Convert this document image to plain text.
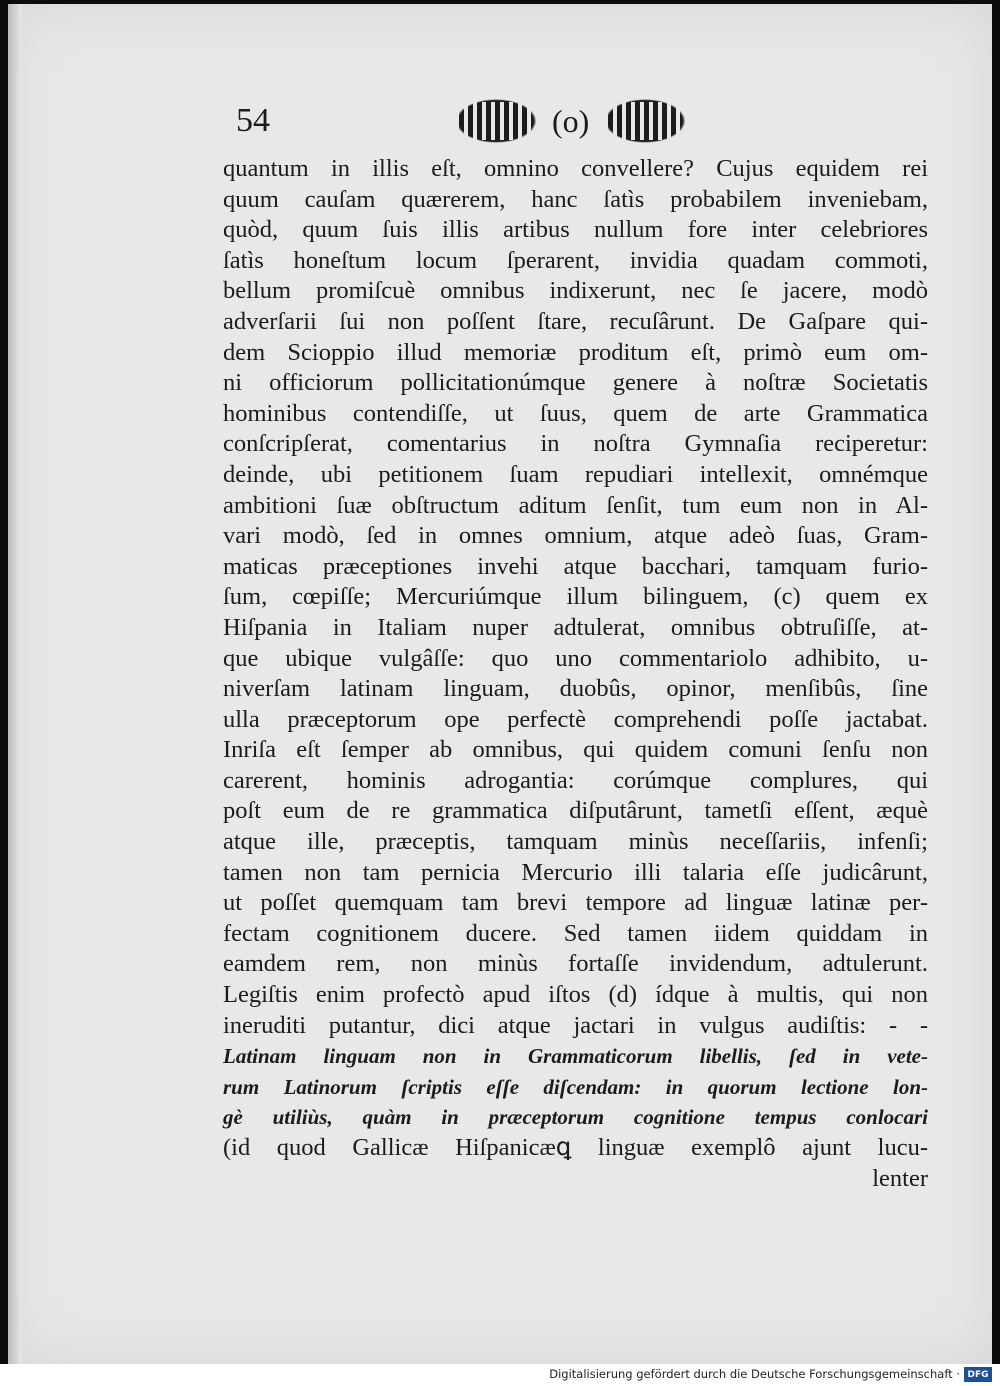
54	(o)
quantum in illis eſt, omnino convellere? Cujus equidem rei
quum cauſam quærerem, hanc ſatìs probabilem inveniebam,
quòd, quum ſuis illis artibus nullum fore inter celebriores
ſatìs honeſtum locum ſperarent, invidia quadam commoti,
bellum promiſcuè omnibus indixerunt, nec ſe jacere, modò
adverſarii ſui non poſſent ſtare, recuſârunt. De Gaſpare qui-
dem Scioppio illud memoriæ proditum eſt, primò eum om-
ni officiorum pollicitationúmque genere à noſtræ Societatis
hominibus contendiſſe, ut ſuus, quem de arte Grammatica
conſcripſerat, comentarius in noſtra Gymnaſia reciperetur:
deinde, ubi petitionem ſuam repudiari intellexit, omnémque
ambitioni ſuæ obſtructum aditum ſenſit, tum eum non in Al-
vari modò, ſed in omnes omnium, atque adeò ſuas, Gram-
maticas præceptiones invehi atque bacchari, tamquam furio-
ſum, cœpiſſe; Mercuriúmque illum bilinguem, (c) quem ex
Hiſpania in Italiam nuper adtulerat, omnibus obtruſiſſe, at-
que ubique vulgâſſe: quo uno commentariolo adhibito, u-
niverſam latinam linguam, duobûs, opinor, menſibûs, ſine
ulla præceptorum ope perfectè comprehendi poſſe jactabat.
Inriſa eſt ſemper ab omnibus, qui quidem comuni ſenſu non
carerent, hominis adrogantia: corúmque complures, qui
poſt eum de re grammatica diſputârunt, tametſi eſſent, æquè
atque ille, præceptis, tamquam minùs neceſſariis, infenſi;
tamen non tam pernicia Mercurio illi talaria eſſe judicârunt,
ut poſſet quemquam tam brevi tempore ad linguæ latinæ per-
fectam cognitionem ducere. Sed tamen iidem quiddam in
eamdem rem, non minùs fortaſſe invidendum, adtulerunt.
Legiſtis enim profectò apud iſtos (d) ídque à multis, qui non
ineruditi putantur, dici atque jactari in vulgus audiſtis: - -
Latinam linguam non in Grammaticorum libellis, ſed in vete-
rum Latinorum ſcriptis eſſe diſcendam: in quorum lectione lon-
gè utiliùs, quàm in præceptorum cognitione tempus conlocari
(id quod Gallicæ Hiſpanicæꝗ linguæ exemplô ajunt lucu-
lenter
Digitalisierung gefördert durch die Deutsche Forschungsgemeinschaft · DFG
